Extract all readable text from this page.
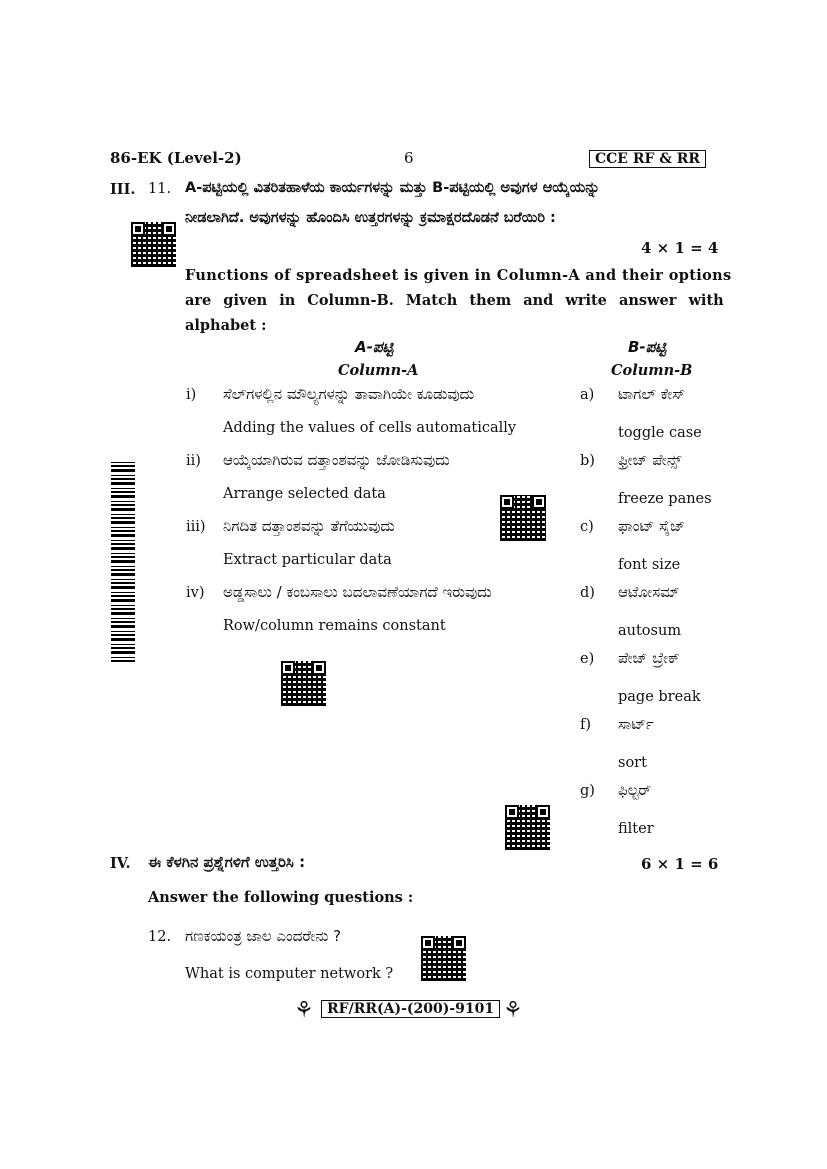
86-EK (Level-2)	6	CCE RF & RR
III. 11. A-ಪಟ್ಟಿಯಲ್ಲಿ ವಿತರಿತಹಾಳೆಯ ಕಾರ್ಯಗಳನ್ನು ಮತ್ತು B-ಪಟ್ಟಿಯಲ್ಲಿ ಅವುಗಳ ಆಯ್ಕೆಯನ್ನು
ನೀಡಲಾಗಿದೆ. ಅವುಗಳನ್ನು ಹೊಂದಿಸಿ ಉತ್ತರಗಳನ್ನು ಕ್ರಮಾಕ್ಷರದೊಡನೆ ಬರೆಯಿರಿ :
4 × 1 = 4
Functions of spreadsheet is given in Column-A and their options
are given in Column-B. Match them and write answer with
alphabet :
A-ಪಟ್ಟಿ
Column-A
B-ಪಟ್ಟಿ
Column-B
i) ಸೆಲ್‌ಗಳಲ್ಲಿನ ಮೌಲ್ಯಗಳನ್ನು ತಾವಾಗಿಯೇ ಕೂಡುವುದು
Adding the values of cells automatically
ii) ಆಯ್ಕೆಯಾಗಿರುವ ದತ್ತಾಂಶವನ್ನು ಜೋಡಿಸುವುದು
Arrange selected data
iii) ನಿಗದಿತ ದತ್ತಾಂಶವನ್ನು ತೆಗೆಯುವುದು
Extract particular data
iv) ಅಡ್ಡಸಾಲು / ಕಂಬಸಾಲು ಬದಲಾವಣೆಯಾಗದೆ ಇರುವುದು
Row/column remains constant
a) ಟಾಗಲ್ ಕೇಸ್
toggle case
b) ಫ್ರೀಜ್ ಪೇನ್ಸ್
freeze panes
c) ಫಾಂಟ್ ಸೈಜ್
font size
d) ಆಟೋಸಮ್
autosum
e) ಪೇಜ್ ಬ್ರೇಕ್
page break
f) ಸಾರ್ಟ್
sort
g) ಫಿಲ್ಟರ್
filter
IV. ಈ ಕೆಳಗಿನ ಪ್ರಶ್ನೆಗಳಿಗೆ ಉತ್ತರಿಸಿ :	6 × 1 = 6
Answer the following questions :
12. ಗಣಕಯಂತ್ರ ಜಾಲ ಎಂದರೇನು ?
What is computer network ?
⚘ RF/RR(A)-(200)-9101 ⚘
